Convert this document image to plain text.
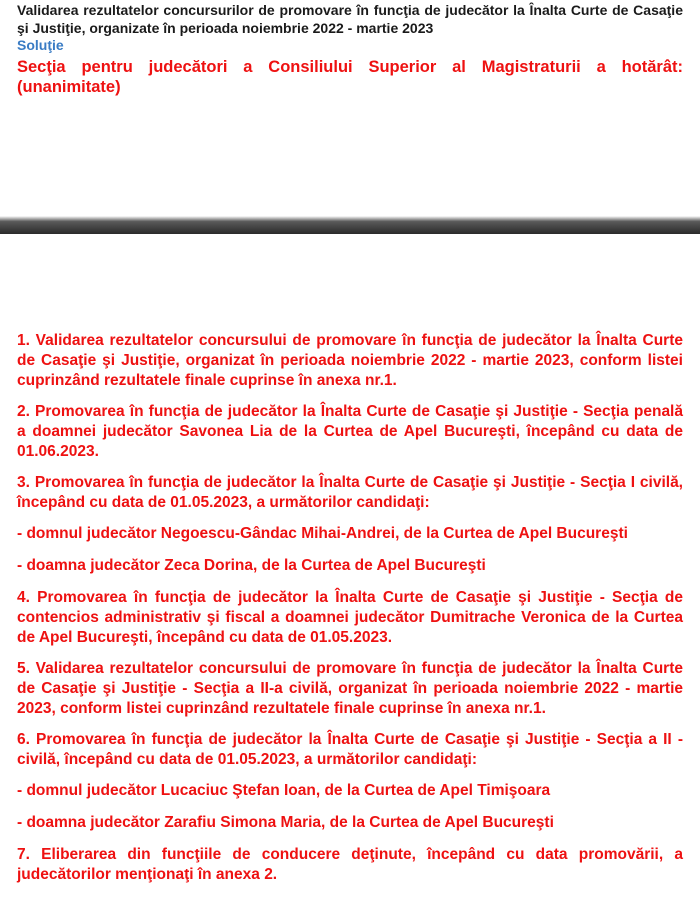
Validarea rezultatelor concursurilor de promovare în funcţia de judecător la Înalta Curte de Casaţie şi Justiţie, organizate în perioada noiembrie 2022 - martie 2023

Soluţie

Secţia pentru judecători a Consiliului Superior al Magistraturii a hotărât: (unanimitate)

1. Validarea rezultatelor concursului de promovare în funcţia de judecător la Înalta Curte de Casaţie şi Justiţie, organizat în perioada noiembrie 2022 - martie 2023, conform listei cuprinzând rezultatele finale cuprinse în anexa nr.1.

2. Promovarea în funcţia de judecător la Înalta Curte de Casaţie şi Justiţie - Secţia penală a doamnei judecător Savonea Lia de la Curtea de Apel Bucureşti, începând cu data de 01.06.2023.

3. Promovarea în funcţia de judecător la Înalta Curte de Casaţie şi Justiţie - Secţia I civilă, începând cu data de 01.05.2023, a următorilor candidaţi:

- domnul judecător Negoescu-Gândac Mihai-Andrei, de la Curtea de Apel Bucureşti

- doamna judecător Zeca Dorina, de la Curtea de Apel Bucureşti

4. Promovarea în funcţia de judecător la Înalta Curte de Casaţie şi Justiţie - Secţia de contencios administrativ şi fiscal a doamnei judecător Dumitrache Veronica de la Curtea de Apel Bucureşti, începând cu data de 01.05.2023.

5. Validarea rezultatelor concursului de promovare în funcţia de judecător la Înalta Curte de Casaţie şi Justiţie - Secţia a II-a civilă, organizat în perioada noiembrie 2022 - martie 2023, conform listei cuprinzând rezultatele finale cuprinse în anexa nr.1.

6. Promovarea în funcţia de judecător la Înalta Curte de Casaţie şi Justiţie - Secţia a II - civilă, începând cu data de 01.05.2023, a următorilor candidaţi:

- domnul judecător Lucaciuc Ştefan Ioan, de la Curtea de Apel Timişoara

- doamna judecător Zarafiu Simona Maria, de la Curtea de Apel Bucureşti

7. Eliberarea din funcţiile de conducere deţinute, începând cu data promovării, a judecătorilor menţionaţi în anexa 2.
